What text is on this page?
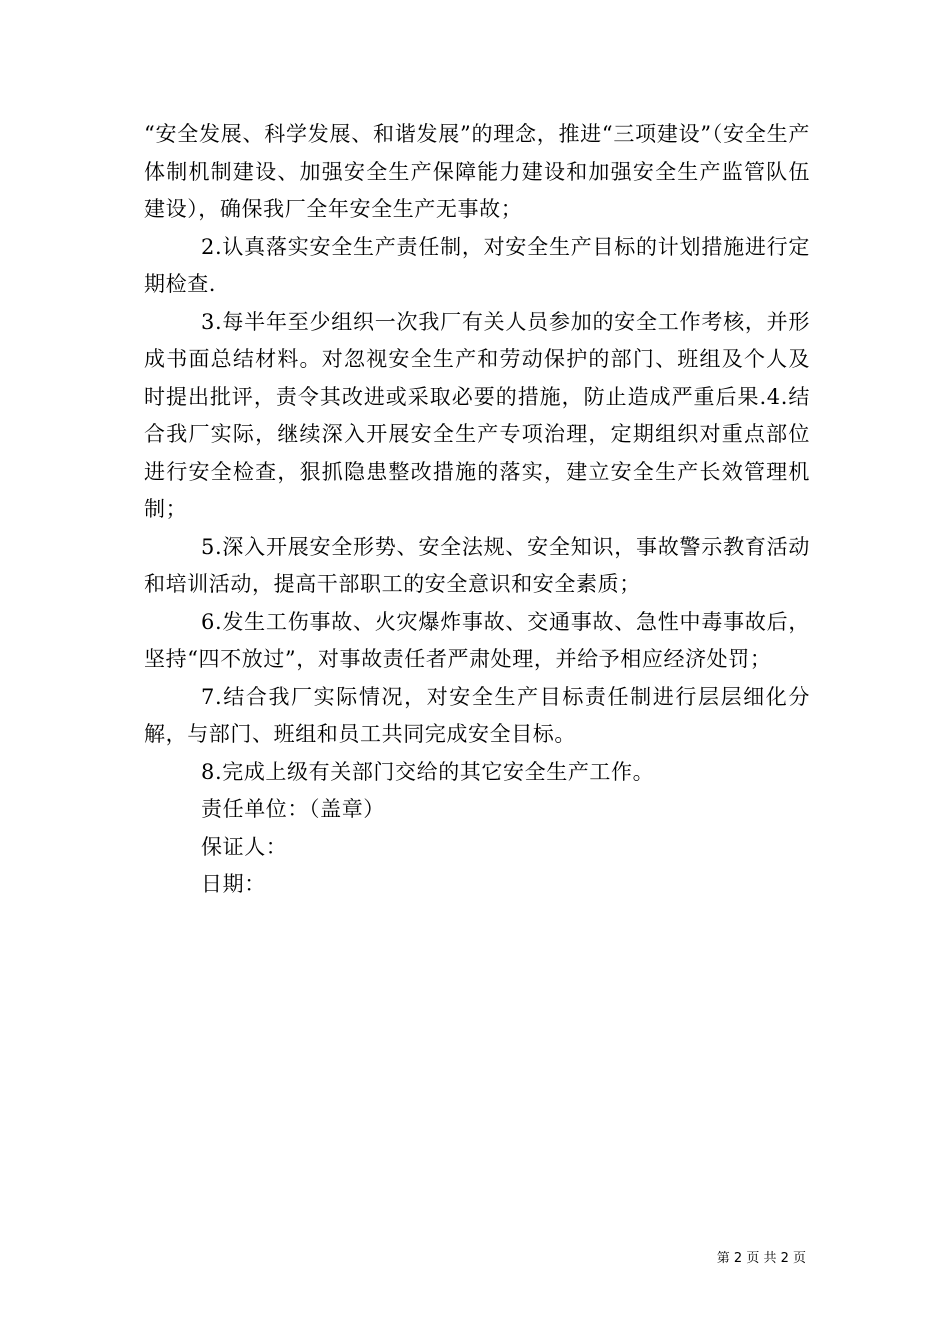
“安全发展、科学发展、和谐发展”的理念，推进“三项建设”（安全生产体制机制建设、加强安全生产保障能力建设和加强安全生产监管队伍建设），确保我厂全年安全生产无事故；

2.认真落实安全生产责任制，对安全生产目标的计划措施进行定期检查.

3.每半年至少组织一次我厂有关人员参加的安全工作考核，并形成书面总结材料。对忽视安全生产和劳动保护的部门、班组及个人及时提出批评，责令其改进或采取必要的措施，防止造成严重后果.4.结合我厂实际，继续深入开展安全生产专项治理，定期组织对重点部位进行安全检查，狠抓隐患整改措施的落实，建立安全生产长效管理机制；

5.深入开展安全形势、安全法规、安全知识，事故警示教育活动和培训活动，提高干部职工的安全意识和安全素质；

6.发生工伤事故、火灾爆炸事故、交通事故、急性中毒事故后，坚持“四不放过”，对事故责任者严肃处理，并给予相应经济处罚；

7.结合我厂实际情况，对安全生产目标责任制进行层层细化分解，与部门、班组和员工共同完成安全目标。

8.完成上级有关部门交给的其它安全生产工作。

责任单位：（盖章）

保证人：

日期：

第 2 页 共 2 页
